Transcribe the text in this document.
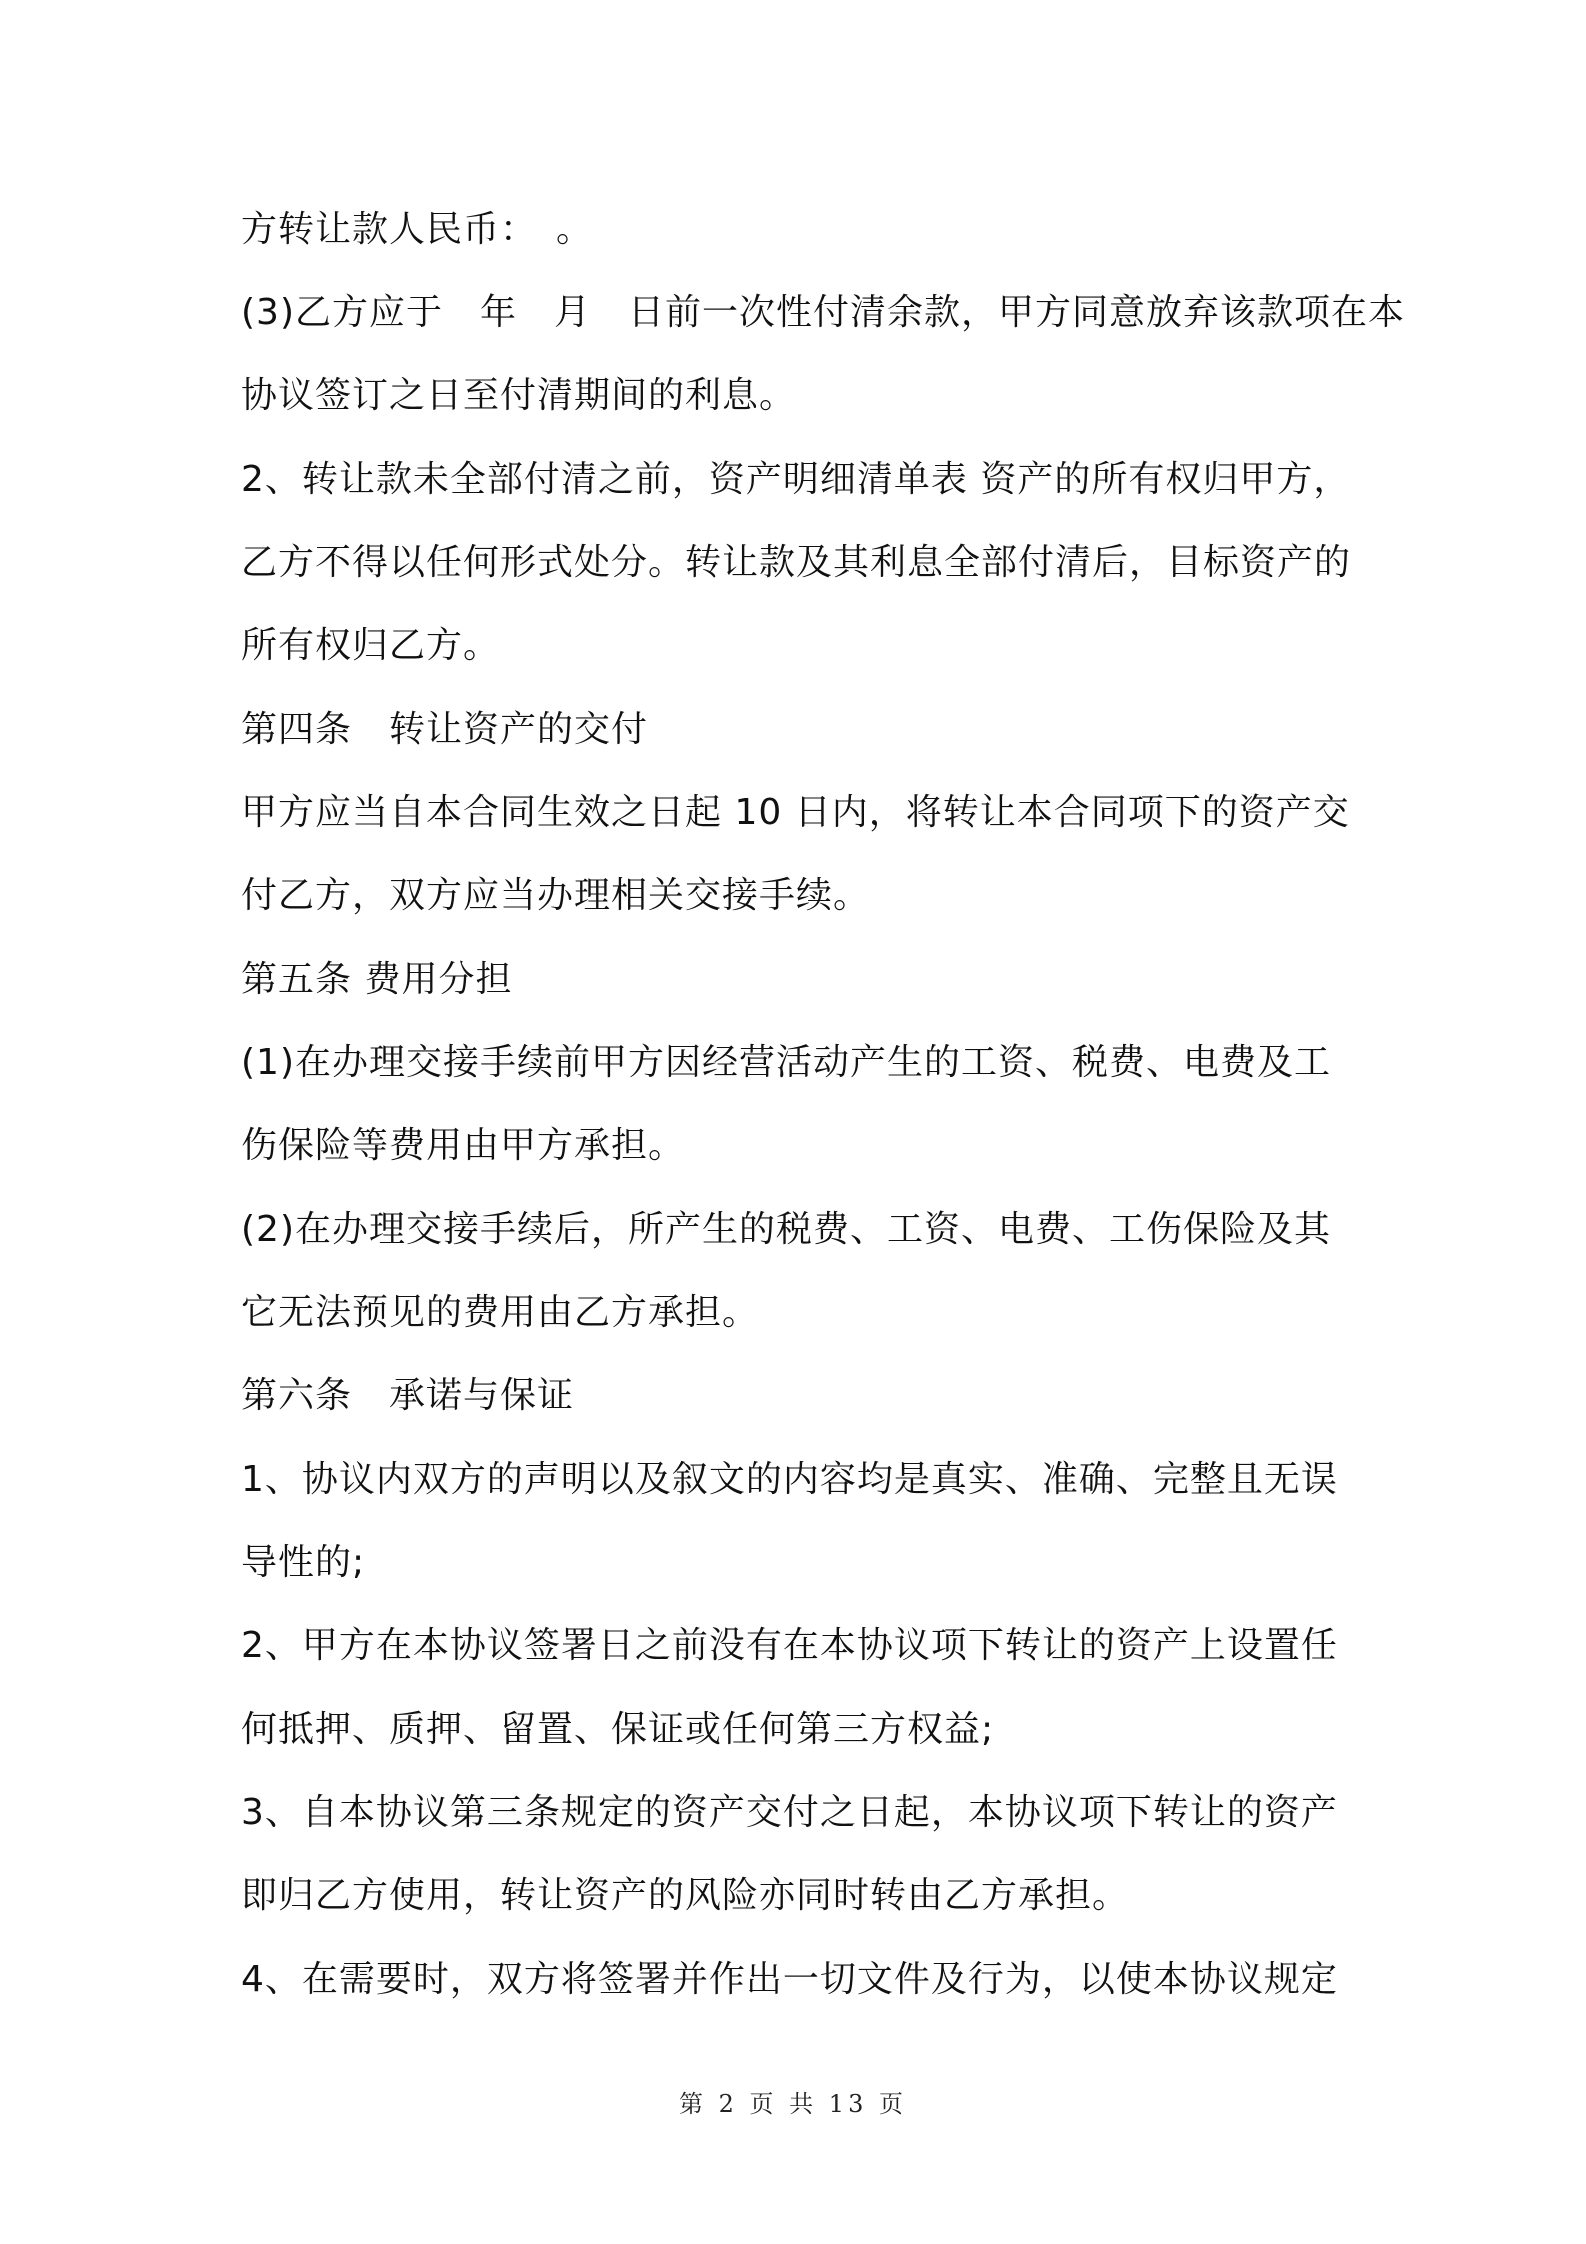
方转让款人民币：　。
(3)乙方应于　年　月　日前一次性付清余款，甲方同意放弃该款项在本
协议签订之日至付清期间的利息。
2、转让款未全部付清之前，资产明细清单表 资产的所有权归甲方，
乙方不得以任何形式处分。转让款及其利息全部付清后，目标资产的
所有权归乙方。
第四条　转让资产的交付
甲方应当自本合同生效之日起 10 日内，将转让本合同项下的资产交
付乙方，双方应当办理相关交接手续。
第五条 费用分担
(1)在办理交接手续前甲方因经营活动产生的工资、税费、电费及工
伤保险等费用由甲方承担。
(2)在办理交接手续后，所产生的税费、工资、电费、工伤保险及其
它无法预见的费用由乙方承担。
第六条　承诺与保证
1、协议内双方的声明以及叙文的内容均是真实、准确、完整且无误
导性的;
2、甲方在本协议签署日之前没有在本协议项下转让的资产上设置任
何抵押、质押、留置、保证或任何第三方权益;
3、自本协议第三条规定的资产交付之日起，本协议项下转让的资产
即归乙方使用，转让资产的风险亦同时转由乙方承担。
4、在需要时，双方将签署并作出一切文件及行为，以使本协议规定
第 2 页 共 13 页
